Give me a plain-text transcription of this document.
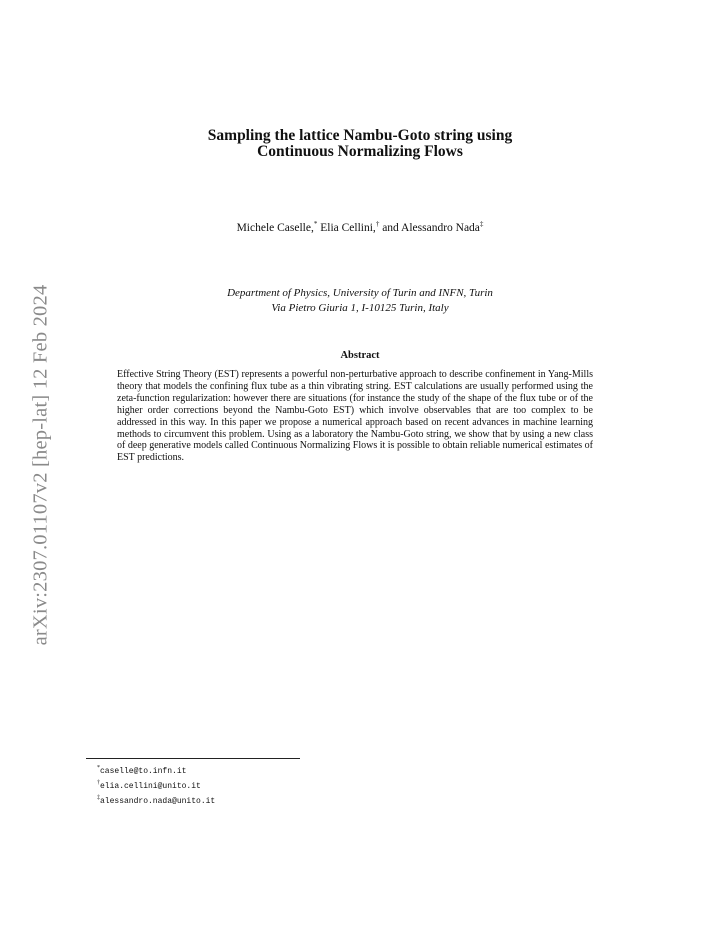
arXiv:2307.01107v2 [hep-lat] 12 Feb 2024
Sampling the lattice Nambu-Goto string using
Continuous Normalizing Flows
Michele Caselle,* Elia Cellini,† and Alessandro Nada‡
Department of Physics, University of Turin and INFN, Turin
Via Pietro Giuria 1, I-10125 Turin, Italy
Abstract
Effective String Theory (EST) represents a powerful non-perturbative approach to describe confinement in Yang-Mills theory that models the confining flux tube as a thin vibrating string. EST calculations are usually performed using the zeta-function regularization: however there are situations (for instance the study of the shape of the flux tube or of the higher order corrections beyond the Nambu-Goto EST) which involve observables that are too complex to be addressed in this way. In this paper we propose a numerical approach based on recent advances in machine learning methods to circumvent this problem. Using as a laboratory the Nambu-Goto string, we show that by using a new class of deep generative models called Continuous Normalizing Flows it is possible to obtain reliable numerical estimates of EST predictions.
*caselle@to.infn.it
†elia.cellini@unito.it
‡alessandro.nada@unito.it
